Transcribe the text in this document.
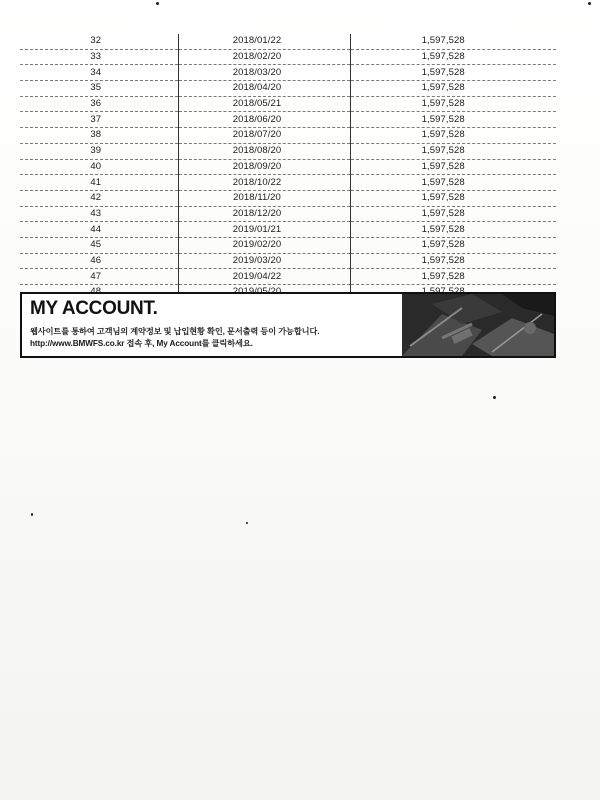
32	2018/01/22	1,597,528
33	2018/02/20	1,597,528
34	2018/03/20	1,597,528
35	2018/04/20	1,597,528
36	2018/05/21	1,597,528
37	2018/06/20	1,597,528
38	2018/07/20	1,597,528
39	2018/08/20	1,597,528
40	2018/09/20	1,597,528
41	2018/10/22	1,597,528
42	2018/11/20	1,597,528
43	2018/12/20	1,597,528
44	2019/01/21	1,597,528
45	2019/02/20	1,597,528
46	2019/03/20	1,597,528
47	2019/04/22	1,597,528

MY ACCOUNT.
웹사이트를 통하여 고객님의 계약정보 및 납입현황 확인, 문서출력 등이 가능합니다.
http://www.BMWFS.co.kr 접속 후, My Account를 클릭하세요.
